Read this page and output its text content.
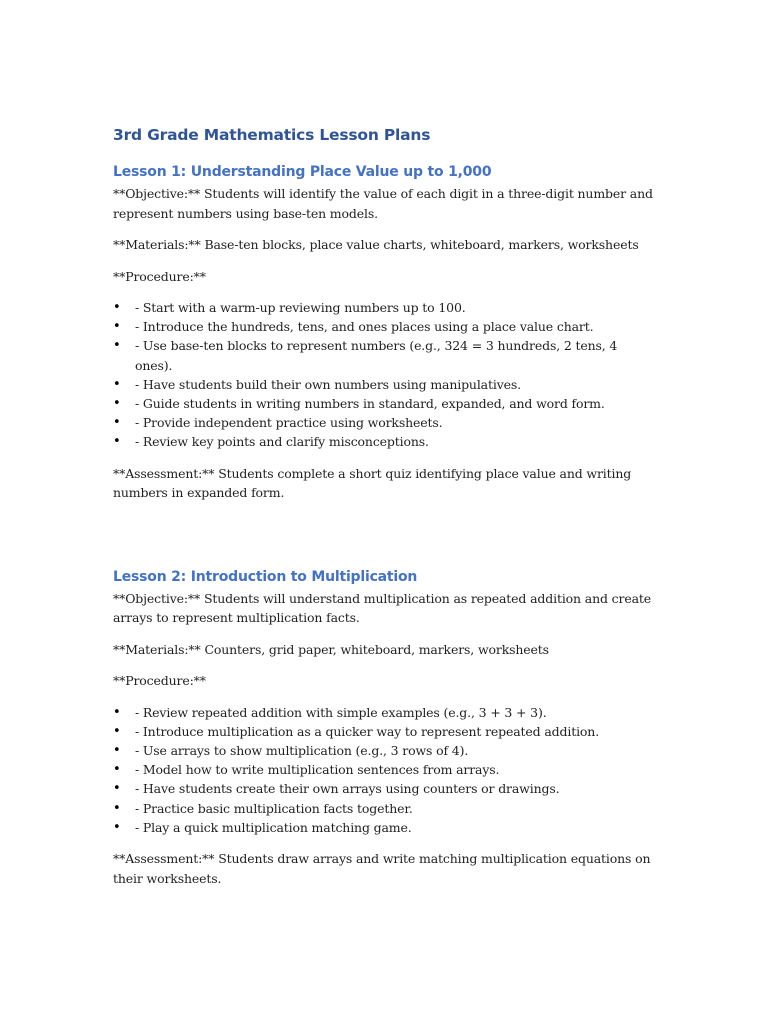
3rd Grade Mathematics Lesson Plans
Lesson 1: Understanding Place Value up to 1,000

**Objective:** Students will identify the value of each digit in a three-digit number and represent numbers using base-ten models.

**Materials:** Base-ten blocks, place value charts, whiteboard, markers, worksheets

**Procedure:**

• - Start with a warm-up reviewing numbers up to 100.
• - Introduce the hundreds, tens, and ones places using a place value chart.
• - Use base-ten blocks to represent numbers (e.g., 324 = 3 hundreds, 2 tens, 4 ones).
• - Have students build their own numbers using manipulatives.
• - Guide students in writing numbers in standard, expanded, and word form.
• - Provide independent practice using worksheets.
• - Review key points and clarify misconceptions.

**Assessment:** Students complete a short quiz identifying place value and writing numbers in expanded form.

Lesson 2: Introduction to Multiplication

**Objective:** Students will understand multiplication as repeated addition and create arrays to represent multiplication facts.

**Materials:** Counters, grid paper, whiteboard, markers, worksheets

**Procedure:**

• - Review repeated addition with simple examples (e.g., 3 + 3 + 3).
• - Introduce multiplication as a quicker way to represent repeated addition.
• - Use arrays to show multiplication (e.g., 3 rows of 4).
• - Model how to write multiplication sentences from arrays.
• - Have students create their own arrays using counters or drawings.
• - Practice basic multiplication facts together.
• - Play a quick multiplication matching game.

**Assessment:** Students draw arrays and write matching multiplication equations on their worksheets.
